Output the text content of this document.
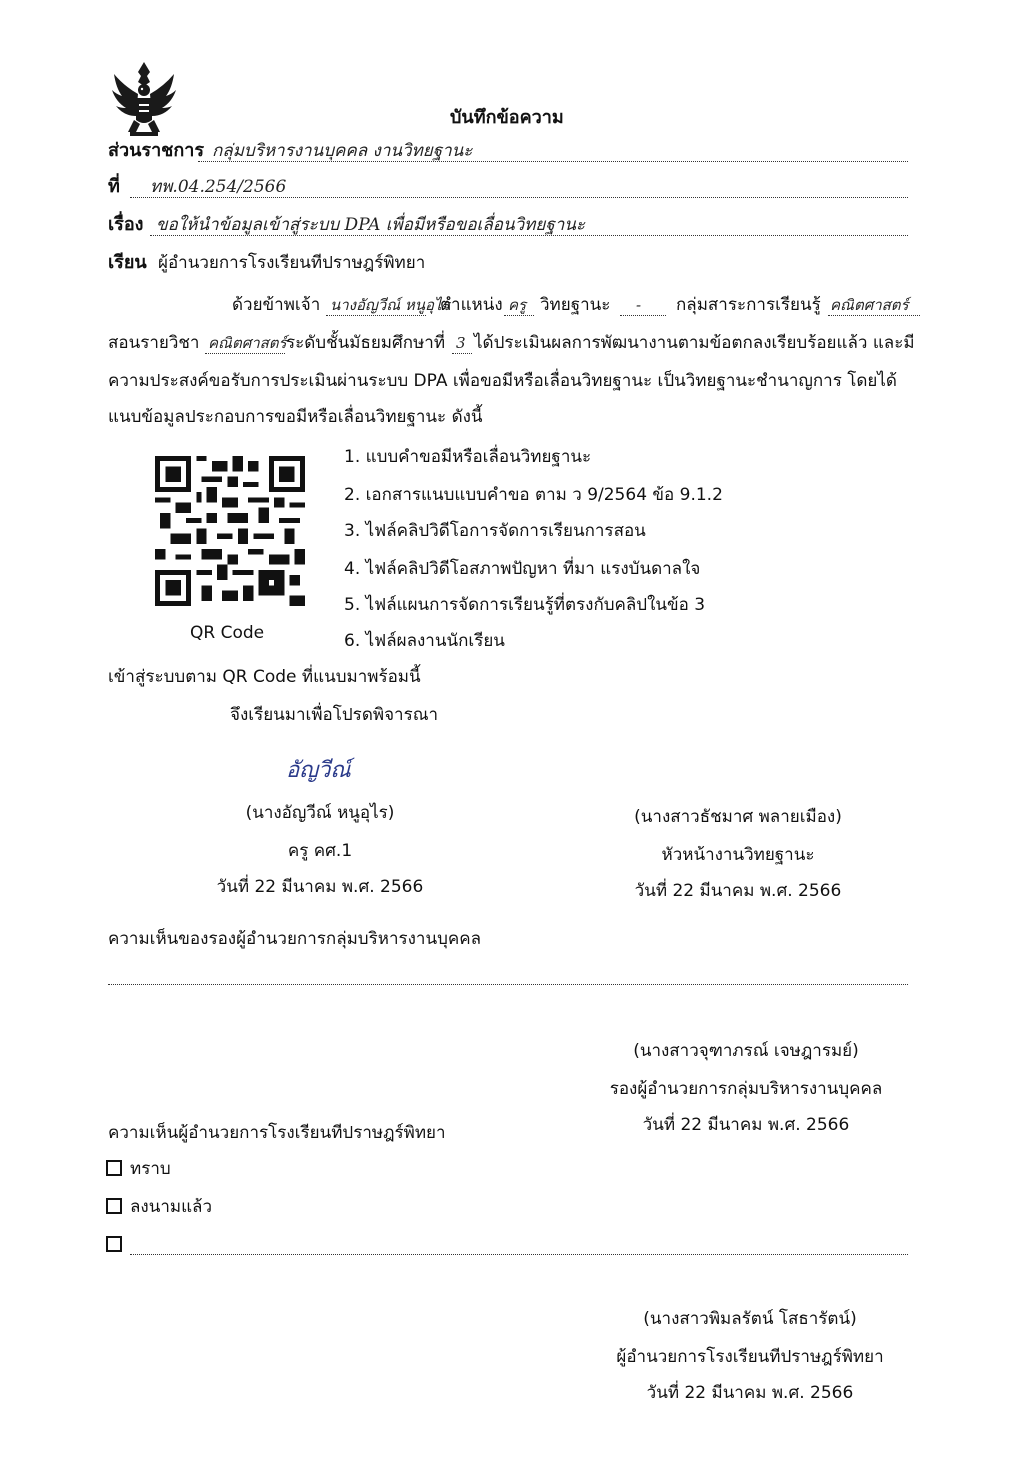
บันทึกข้อความ
ส่วนราชการ กลุ่มบริหารงานบุคคล งานวิทยฐานะ
ที่ ทพ.04.254/2566
เรื่อง ขอให้นำข้อมูลเข้าสู่ระบบ DPA เพื่อมีหรือขอเลื่อนวิทยฐานะ
เรียน ผู้อำนวยการโรงเรียนทีปราษฎร์พิทยา
ด้วยข้าพเจ้า นางอัญวีณ์ หนูอุไร
ตำแหน่ง ครู วิทยฐานะ - กลุ่มสาระการเรียนรู้ คณิตศาสตร์
สอนรายวิชา คณิตศาสตร์ ระดับชั้นมัธยมศึกษาที่ 3 ได้ประเมินผลการพัฒนางานตามข้อตกลงเรียบร้อยแล้ว และมี
ความประสงค์ขอรับการประเมินผ่านระบบ DPA เพื่อขอมีหรือเลื่อนวิทยฐานะ เป็นวิทยฐานะชำนาญการ โดยได้
แนบข้อมูลประกอบการขอมีหรือเลื่อนวิทยฐานะ ดังนี้
QR Code
1. แบบคำขอมีหรือเลื่อนวิทยฐานะ
2. เอกสารแนบแบบคำขอ ตาม ว 9/2564 ข้อ 9.1.2
3. ไฟล์คลิปวิดีโอการจัดการเรียนการสอน
4. ไฟล์คลิปวิดีโอสภาพปัญหา ที่มา แรงบันดาลใจ
5. ไฟล์แผนการจัดการเรียนรู้ที่ตรงกับคลิปในข้อ 3
6. ไฟล์ผลงานนักเรียน
เข้าสู่ระบบตาม QR Code ที่แนบมาพร้อมนี้
จึงเรียนมาเพื่อโปรดพิจารณา
อัญวีณ์
(นางอัญวีณ์ หนูอุไร)
ครู คศ.1
วันที่ 22 มีนาคม พ.ศ. 2566
(นางสาวธัชมาศ พลายเมือง)
หัวหน้างานวิทยฐานะ
วันที่ 22 มีนาคม พ.ศ. 2566
ความเห็นของรองผู้อำนวยการกลุ่มบริหารงานบุคคล
(นางสาวจุฑาภรณ์ เจษฎารมย์)
รองผู้อำนวยการกลุ่มบริหารงานบุคคล
วันที่ 22 มีนาคม พ.ศ. 2566
ความเห็นผู้อำนวยการโรงเรียนทีปราษฎร์พิทยา
ทราบ
ลงนามแล้ว
(นางสาวพิมลรัตน์ โสธารัตน์)
ผู้อำนวยการโรงเรียนทีปราษฎร์พิทยา
วันที่ 22 มีนาคม พ.ศ. 2566
